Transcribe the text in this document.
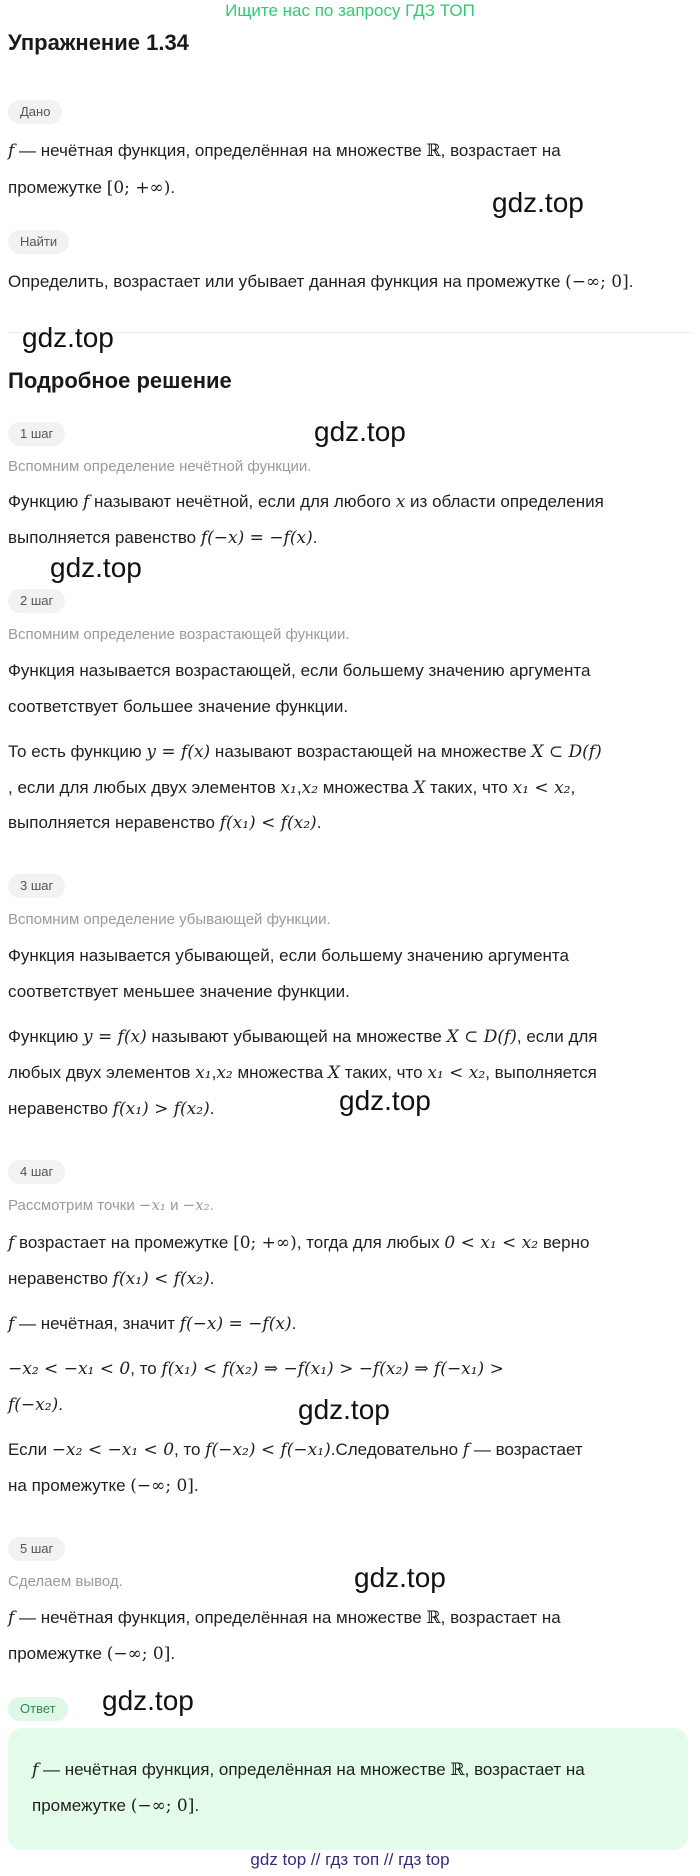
Ищите нас по запросу ГДЗ ТОП
Упражнение 1.34
Дано
f — нечётная функция, определённая на множестве ℝ, возрастает на
промежутке [0; +∞).
Найти
Определить, возрастает или убывает данная функция на промежутке (−∞; 0].
Подробное решение
1 шаг
Вспомним определение нечётной функции.
Функцию f называют нечётной, если для любого x из области определения
выполняется равенство f(−x) = −f(x).
2 шаг
Вспомним определение возрастающей функции.
Функция называется возрастающей, если большему значению аргумента
соответствует большее значение функции.
То есть функцию y = f(x) называют возрастающей на множестве X ⊂ D(f)
, если для любых двух элементов x₁,x₂ множества X таких, что x₁ < x₂,
выполняется неравенство f(x₁) < f(x₂).
3 шаг
Вспомним определение убывающей функции.
Функция называется убывающей, если большему значению аргумента
соответствует меньшее значение функции.
Функцию y = f(x) называют убывающей на множестве X ⊂ D(f), если для
любых двух элементов x₁,x₂ множества X таких, что x₁ < x₂, выполняется
неравенство f(x₁) > f(x₂).
4 шаг
Рассмотрим точки −x₁ и −x₂.
f возрастает на промежутке [0; +∞), тогда для любых 0 < x₁ < x₂ верно
неравенство f(x₁) < f(x₂).
f — нечётная, значит f(−x) = −f(x).
−x₂ < −x₁ < 0, то f(x₁) < f(x₂) ⇒ −f(x₁) > −f(x₂) ⇒ f(−x₁) >
f(−x₂).
Если −x₂ < −x₁ < 0, то f(−x₂) < f(−x₁).Следовательно f — возрастает
на промежутке (−∞; 0].
5 шаг
Сделаем вывод.
f — нечётная функция, определённая на множестве ℝ, возрастает на
промежутке (−∞; 0].
Ответ
f — нечётная функция, определённая на множестве ℝ, возрастает на
промежутке (−∞; 0].
gdz.top
gdz.top
gdz.top
gdz.top
gdz.top
gdz.top
gdz.top
gdz.top
gdz top // гдз топ // гдз top
